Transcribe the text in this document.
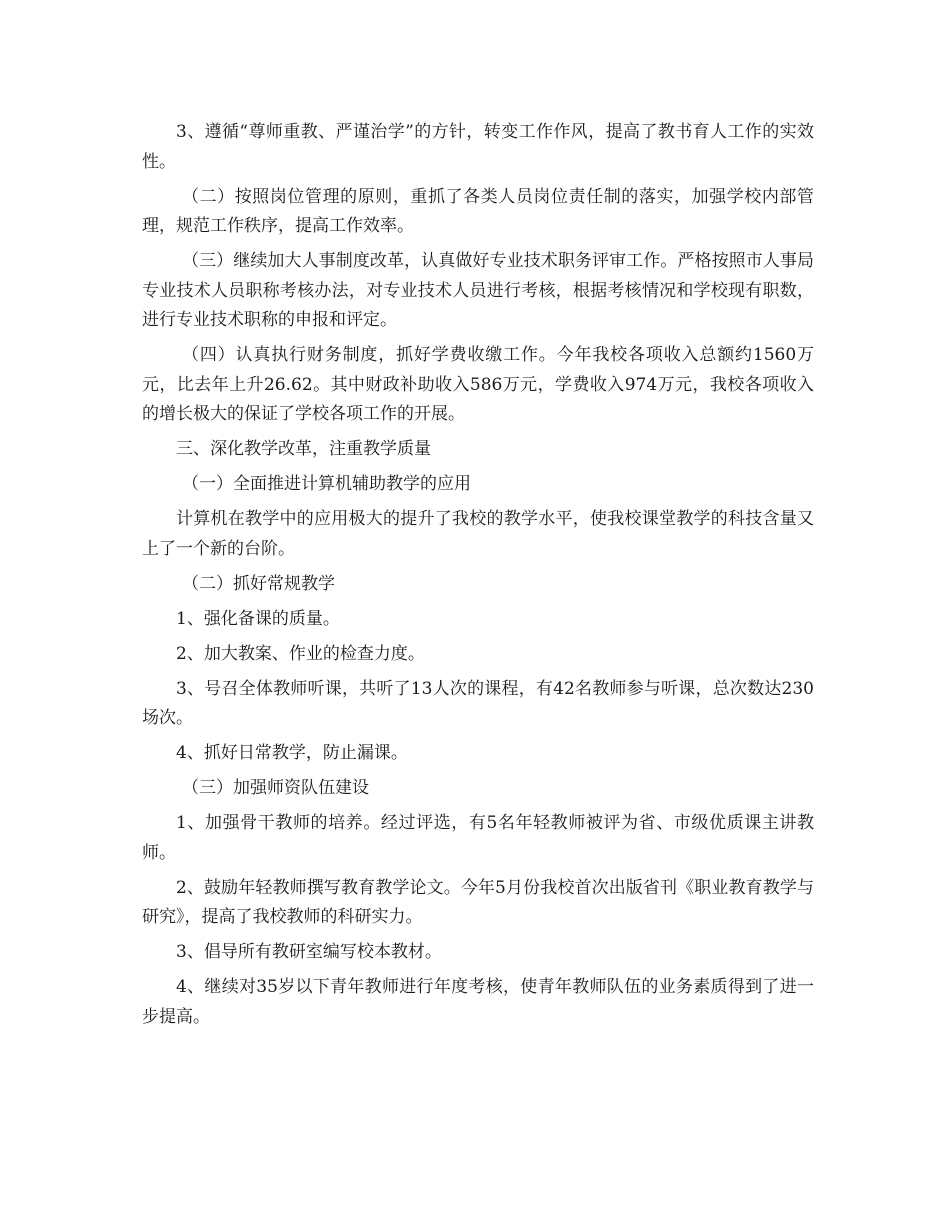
3、遵循“尊师重教、严谨治学”的方针，转变工作作风，提高了教书育人工作的实效性。

（二）按照岗位管理的原则，重抓了各类人员岗位责任制的落实，加强学校内部管理，规范工作秩序，提高工作效率。

（三）继续加大人事制度改革，认真做好专业技术职务评审工作。严格按照市人事局专业技术人员职称考核办法，对专业技术人员进行考核，根据考核情况和学校现有职数，进行专业技术职称的申报和评定。

（四）认真执行财务制度，抓好学费收缴工作。今年我校各项收入总额约1560万元，比去年上升26.62。其中财政补助收入586万元，学费收入974万元，我校各项收入的增长极大的保证了学校各项工作的开展。

三、深化教学改革，注重教学质量

（一）全面推进计算机辅助教学的应用

计算机在教学中的应用极大的提升了我校的教学水平，使我校课堂教学的科技含量又上了一个新的台阶。

（二）抓好常规教学

1、强化备课的质量。

2、加大教案、作业的检查力度。

3、号召全体教师听课，共听了13人次的课程，有42名教师参与听课，总次数达230场次。

4、抓好日常教学，防止漏课。

（三）加强师资队伍建设

1、加强骨干教师的培养。经过评选，有5名年轻教师被评为省、市级优质课主讲教师。

2、鼓励年轻教师撰写教育教学论文。今年5月份我校首次出版省刊《职业教育教学与研究》，提高了我校教师的科研实力。

3、倡导所有教研室编写校本教材。

4、继续对35岁以下青年教师进行年度考核，使青年教师队伍的业务素质得到了进一步提高。
